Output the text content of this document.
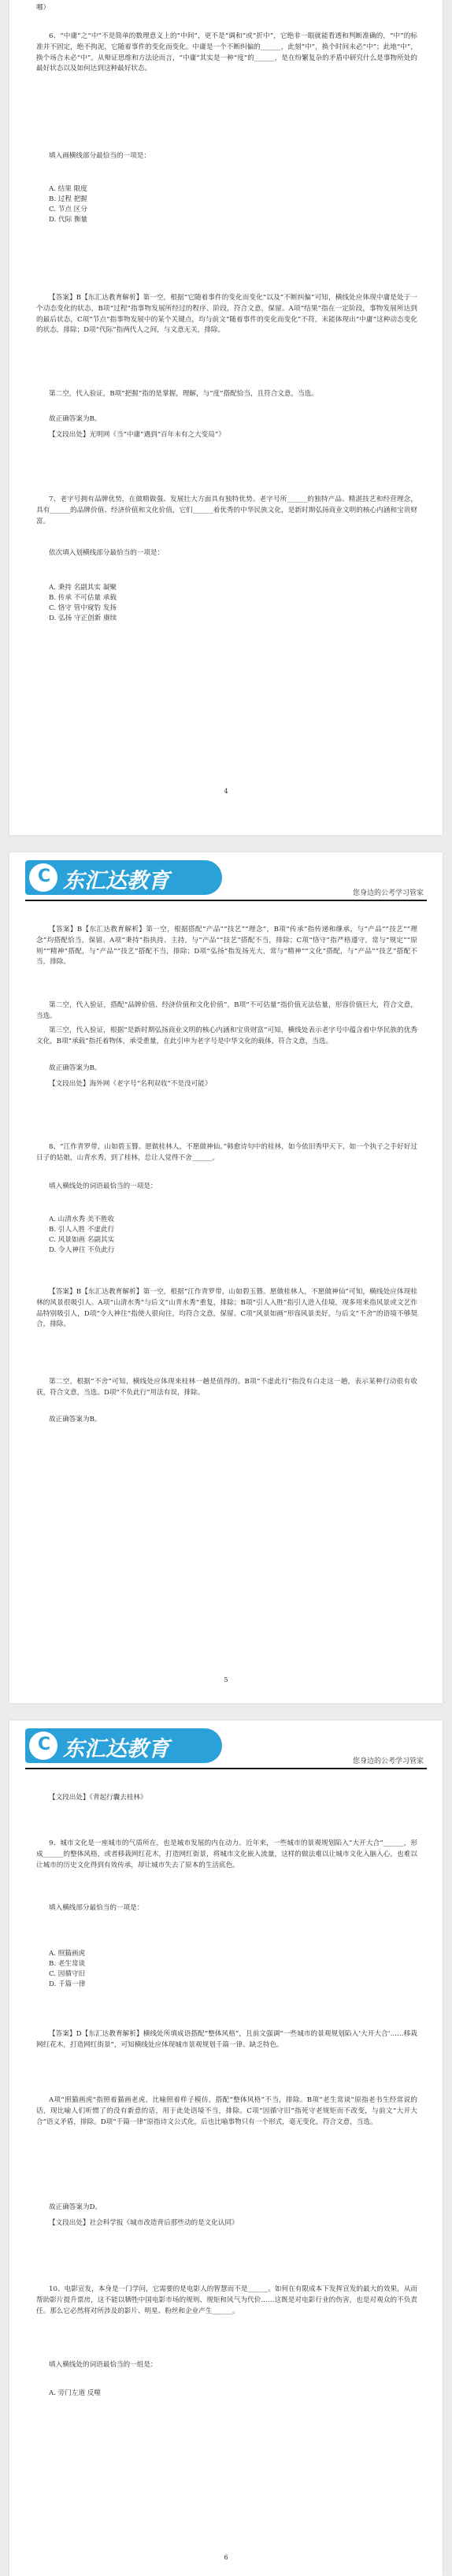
哪）
6、“中庸”之“中”不是简单的数理意义上的“中间”，更不是“调和”或“折中”，它绝非一眼就能看透和判断准确的，“中”的标准并不固定，绝不拘泥，它随着事件的变化而变化。中庸是一个不断纠偏的______，此刻“中”，换个时间未必“中”；此地“中”，换个场合未必“中”。从辩证思维和方法论而言，“中庸”其实是一种“度”的______，是在纷繁复杂的矛盾中研究什么是事物所处的最好状态以及如何达到这种最好状态。
填入画横线部分最恰当的一项是：
A. 结果 限度
B. 过程 把握
C. 节点 区分
D. 代际 衡量
【答案】B【东汇达教育解析】第一空，根据“它随着事件的变化而变化”以及“不断纠偏”可知，横线处应体现中庸是处于一个动态变化的状态，B项“过程”指事物发展所经过的程序、阶段，符合文意，保留。A项“结果”指在一定阶段，事物发展所达到的最后状态，C项“节点”指事物发展中的某个关键点，均与前文“随着事件的变化而变化”不符，未能体现出“中庸”这种动态变化的状态，排除；D项“代际”指两代人之间，与文意无关，排除。
第二空，代入验证，B项“把握”指的是掌握，理解，与“度”搭配恰当，且符合文意，当选。
故正确答案为B。
【文段出处】光明网《当“中庸”遇到“百年未有之大变局”》
7、老字号拥有品牌优势，在做精做强、发展壮大方面具有独特优势。老字号所______的独特产品、精湛技艺和经营理念，具有______的品牌价值、经济价值和文化价值，它们______着优秀的中华民族文化，是新时期弘扬商业文明的核心内涵和宝贵财富。
依次填入划横线部分最恰当的一项是：
A. 秉持 名副其实 凝聚
B. 传承 不可估量 承载
C. 恪守 管中窥豹 发扬
D. 弘扬 守正创新 赓续
4
C 东汇达教育	您身边的公考学习管家
【答案】B【东汇达教育解析】第一空，根据搭配“产品”“技艺”“理念”，B项“传承”指传递和继承，与“产品”“技艺”“理念”均搭配恰当，保留。A项“秉持”指执持、主持，与“产品”“技艺”搭配不当，排除；C项“恪守”指严格遵守，常与“规定”“原则”“精神”搭配，与“产品”“技艺”搭配不当，排除；D项“弘扬”指发扬光大，常与“精神”“文化”搭配，与“产品”“技艺”搭配不当，排除。
第二空，代入验证，搭配“品牌价值、经济价值和文化价值”，B项“不可估量”指价值无法估量，形容价值巨大，符合文意，当选。
第三空，代入验证，根据“是新时期弘扬商业文明的核心内涵和宝贵财富”可知，横线处表示老字号中蕴含着中华民族的优秀文化，B项“承载”指托着物体，承受重量，在此引申为老字号是中华文化的载体，符合文意，当选。
故正确答案为B。
【文段出处】海外网《老字号“名利双收”不是没可能》
8、“江作青罗带，山如碧玉簪。愿做桂林人，不愿做神仙。”韩愈诗句中的桂林，如今依旧秀甲天下，如一个执子之手好好过日子的姑娘，山青水秀，到了桂林，总让人觉得不舍______。
填入横线处的词语最恰当的一项是：
A. 山清水秀 美不胜收
B. 引人入胜 不虚此行
C. 风景如画 名副其实
D. 令人神往 不负此行
【答案】B【东汇达教育解析】第一空，根据“江作青罗带，山如碧玉簪。愿做桂林人，不愿做神仙”可知，横线处应体现桂林的风景很吸引人。A项“山清水秀”与后文“山青水秀”重复，排除；B项“引人入胜”指引人进入佳境，现多用来指风景或文艺作品特别吸引人，D项“令人神往”指使人很向往，均符合文意，保留。C项“风景如画”形容风景美好，与后文“不舍”的语境不够契合，排除。
第二空，根据“不舍”可知，横线处应体现来桂林一趟是值得的。B项“不虚此行”指没有白走这一趟，表示某种行动很有收获，符合文意，当选。D项“不负此行”用法有误，排除。
故正确答案为B。
5
C 东汇达教育	您身边的公考学习管家
【文段出处】《背起行囊去桂林》
9、城市文化是一座城市的气质所在，也是城市发展的内在动力。近年来，一些城市的景观规划陷入“大开大合”______，形成______的整体风格，或者移栽网红花木，打造网红街景，将城市文化嵌入流量，这样的做法难以让城市文化入脑入心，也难以让城市的历史文化得到有效传承，却让城市失去了原本的生活底色。
填入横线部分最恰当的一项是：
A. 照猫画虎
B. 老生常谈
C. 因循守旧
D. 千篇一律
【答案】D【东汇达教育解析】横线处所填成语搭配“整体风格”，且前文强调“一些城市的景观规划陷入‘大开大合’……移栽网红花木，打造网红街景”，可知横线处应体现城市景观规划千篇一律、缺乏特色。
A项“照猫画虎”指照着猫画老虎，比喻照着样子模仿，搭配“整体风格”不当，排除。B项“老生常谈”原指老书生经常说的话，现比喻人们听惯了的没有新意的话，用于此处语境不当，排除。C项“因循守旧”指死守老规矩而不改变，与前文“大开大合”语义矛盾，排除。D项“千篇一律”原指诗文公式化，后也比喻事物只有一个形式，毫无变化，符合文意，当选。
故正确答案为D。
【文段出处】社会科学报《城市改造背后那些动的是文化认同》
10、电影宣发，本身是一门学问，它需要的是电影人的智慧而不是______。如何在有限成本下发挥宣发的最大的效果，从而帮助影片提升票房，这不能以牺牲中国电影市场的规则、规矩和风气为代价……这既是对电影行业的伤害，也是对观众的不负责任。那么它必然将对所涉及的影片、明星、粉丝和企业产生______。
填入横线处的词语最恰当的一组是：
A. 旁门左道 反噬
6
